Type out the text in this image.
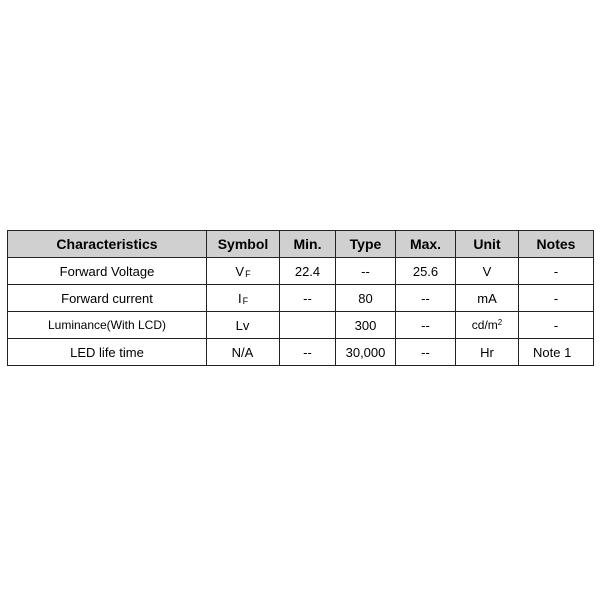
Characteristics	Symbol	Min.	Type	Max.	Unit	Notes
Forward Voltage	$V_F$	22.4	--	25.6	V	-
Forward current	$I_F$	--	80	--	mA	-
Luminance(With LCD)	Lv		300	--	$cd/m^2$	-
LED life time	N/A	--	30,000	--	Hr	Note 1
